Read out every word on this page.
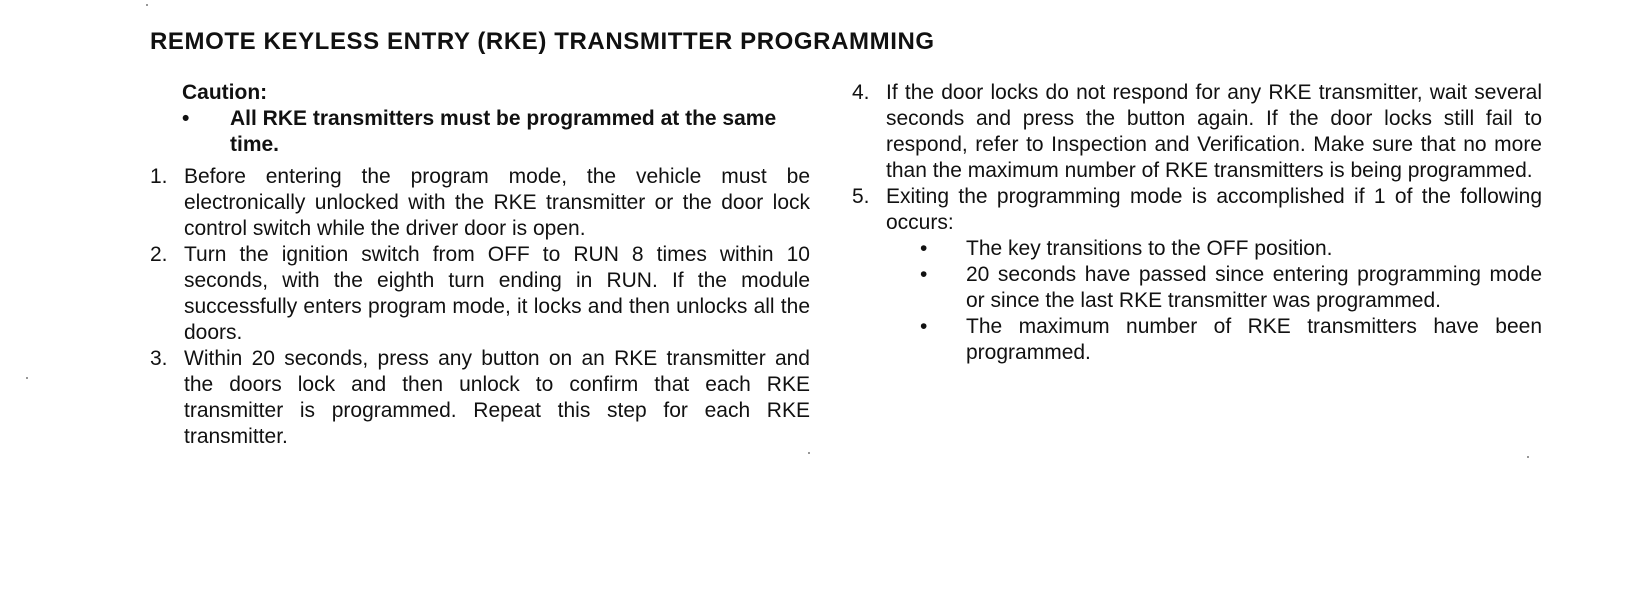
REMOTE KEYLESS ENTRY (RKE) TRANSMITTER PROGRAMMING
Caution:
• All RKE transmitters must be programmed at the same time.
1. Before entering the program mode, the vehicle must be electronically unlocked with the RKE transmitter or the door lock control switch while the driver door is open.
2. Turn the ignition switch from OFF to RUN 8 times within 10 seconds, with the eighth turn ending in RUN. If the module successfully enters program mode, it locks and then unlocks all the doors.
3. Within 20 seconds, press any button on an RKE transmitter and the doors lock and then unlock to confirm that each RKE transmitter is programmed. Repeat this step for each RKE transmitter.
4. If the door locks do not respond for any RKE transmitter, wait several seconds and press the button again. If the door locks still fail to respond, refer to Inspection and Verification. Make sure that no more than the maximum number of RKE transmitters is being programmed.
5. Exiting the programming mode is accomplished if 1 of the following occurs:
• The key transitions to the OFF position.
• 20 seconds have passed since entering programming mode or since the last RKE transmitter was programmed.
• The maximum number of RKE transmitters have been programmed.
